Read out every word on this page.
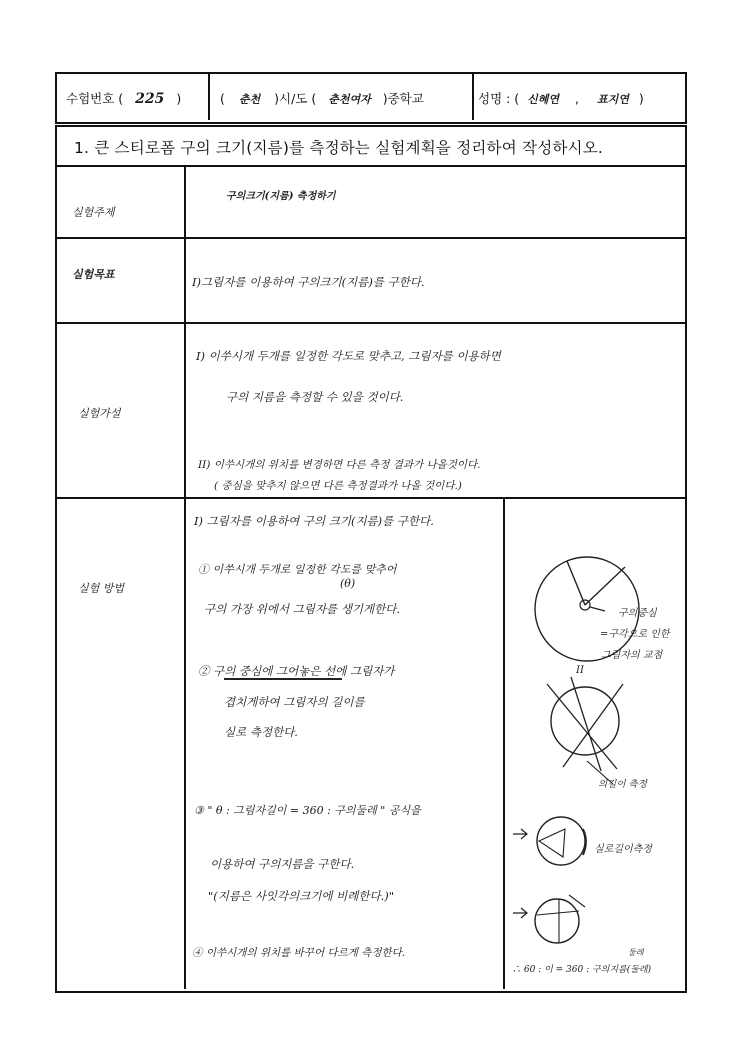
수험번호 ( 225 )	( 춘천 )시/도 ( 춘천여자 )중학교	성명 : ( 신혜연 , 표지연 )
1. 큰 스티로폼 구의 크기(지름)를 측정하는 실험계획을 정리하여 작성하시오.
실험주제
구의크기(지름) 측정하기
실험목표
I)그림자를 이용하여 구의크기(지름)를 구한다.
실험가설
I) 이쑤시개 두개를 일정한 각도로 맞추고, 그림자를 이용하면
구의 지름을 측정할 수 있을 것이다.
II) 이쑤시개의 위치를 변경하면 다른 측정 결과가 나올것이다.
( 중심을 맞추지 않으면 다른 측정결과가 나올 것이다.)
실험 방법
I) 그림자를 이용하여 구의 크기(지름)를 구한다.
① 이쑤시개 두개로 일정한 각도를 맞추어
(θ)
구의 가장 위에서 그림자를 생기게한다.
② 구의 중심에 그어놓은 선에 그림자가
겹치게하여 그림자의 길이를
실로 측정한다.
③ " θ : 그림자길이 = 360 : 구의둘레 " 공식을
이용하여 구의지름을 구한다.
"(지름은 사잇각의크기에 비례한다.)"
④ 이쑤시개의 위치를 바꾸어 다르게 측정한다.
구의중심
=구각으로 인한
그림자의 교점
II
의길이 측정
실로길이측정
둘레
∴ 60 : 이 = 360 : 구의지름(둘레)
